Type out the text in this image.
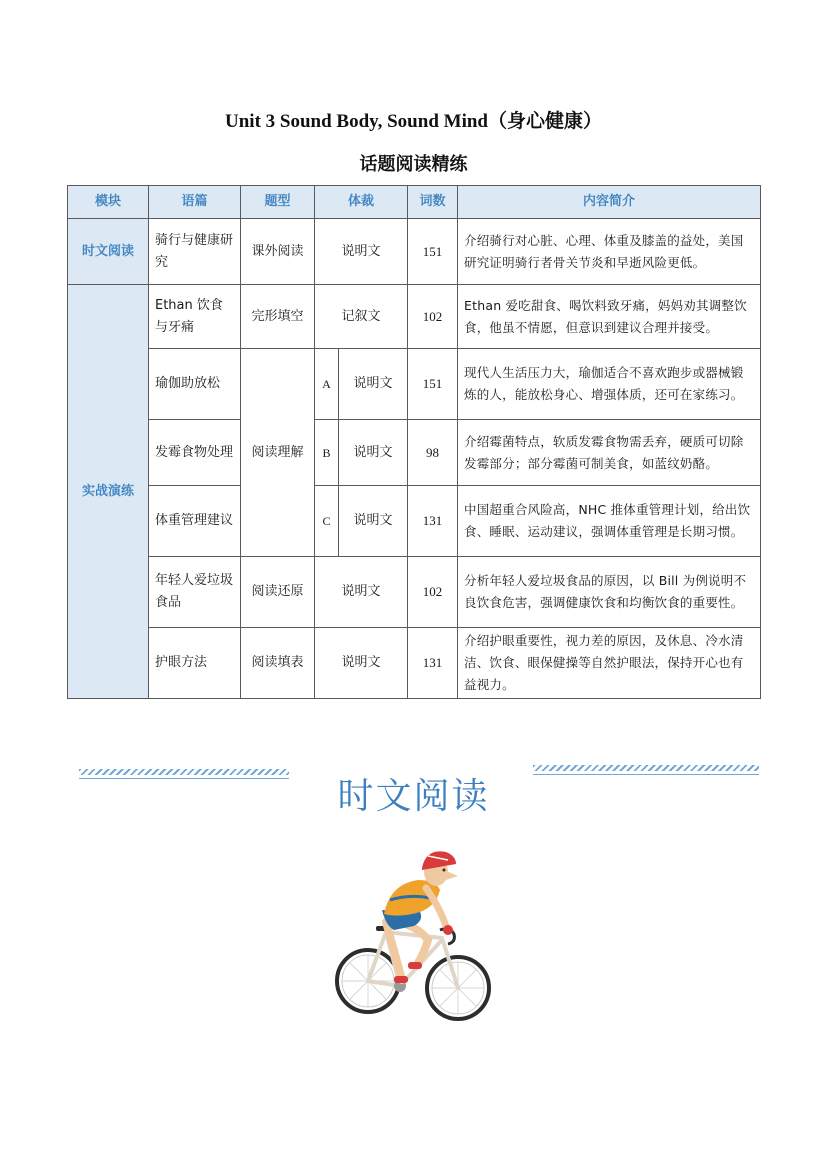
Unit 3 Sound Body, Sound Mind（身心健康）
话题阅读精练
模块	语篇	题型	体裁		词数	内容简介
时文阅读	骑行与健康研究	课外阅读	说明文		151	介绍骑行对心脏、心理、体重及膝盖的益处，美国研究证明骑行者骨关节炎和早逝风险更低。
实战演练	Ethan 饮食与牙痛	完形填空	记叙文		102	Ethan 爱吃甜食、喝饮料致牙痛，妈妈劝其调整饮食，他虽不情愿，但意识到建议合理并接受。
	瑜伽助放松	阅读理解	A	说明文	151	现代人生活压力大，瑜伽适合不喜欢跑步或器械锻炼的人，能放松身心、增强体质，还可在家练习。
	发霉食物处理		B	说明文	98	介绍霉菌特点，软质发霉食物需丢弃，硬质可切除发霉部分；部分霉菌可制美食，如蓝纹奶酪。
	体重管理建议		C	说明文	131	中国超重合风险高，NHC 推体重管理计划，给出饮食、睡眠、运动建议，强调体重管理是长期习惯。
	年轻人爱垃圾食品	阅读还原	说明文		102	分析年轻人爱垃圾食品的原因，以 Bill 为例说明不良饮食危害，强调健康饮食和均衡饮食的重要性。
	护眼方法	阅读填表	说明文		131	介绍护眼重要性，视力差的原因，及休息、冷水清洁、饮食、眼保健操等自然护眼法，保持开心也有益视力。
时文阅读
